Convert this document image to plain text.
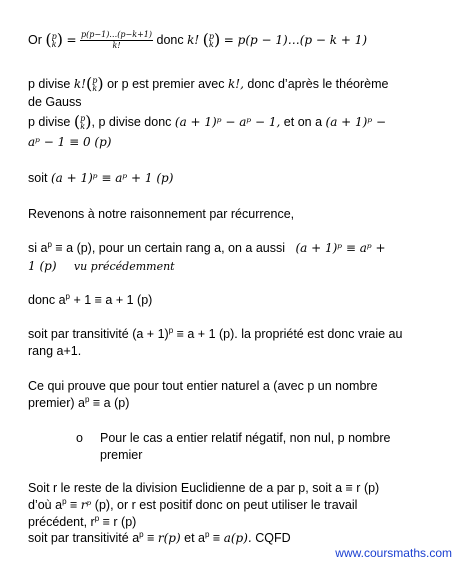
Or ( p
k ) = $\frac{p(p-1)\dots(p-k+1)}{k!}$ donc k! ( p
k ) = p(p − 1)…(p − k + 1)
p divise k!( p
k ) or p est premier avec k!, donc d’après le théorème
de Gauss
p divise ( p
k ), p divise donc (a + 1)ᵖ − aᵖ − 1, et on a (a + 1)ᵖ −
aᵖ − 1 ≡ 0 (p)
soit (a + 1)ᵖ ≡ aᵖ + 1 (p)
Revenons à notre raisonnement par récurrence,
si $a^p \equiv a$ (p), pour un certain rang a, on a aussi (a + 1)ᵖ ≡ aᵖ +
1 (p) vu précédemment
donc $a^p + 1 \equiv a + 1$ (p)
soit par transitivité $(a + 1)^p \equiv a + 1$ (p). la propriété est donc vraie au
rang a+1.
Ce qui prouve que pour tout entier naturel a (avec p un nombre
premier) $a^p \equiv a$ (p)
o Pour le cas a entier relatif négatif, non nul, p nombre
premier
Soit r le reste de la division Euclidienne de a par p, soit a ≡ r (p)
d’où $a^p$ ≡ rᵖ (p), or r est positif donc on peut utiliser le travail
précédent, $r^p \equiv r$ (p)
soit par transitivité $a^p \equiv r(p)$ et $a^p \equiv a(p)$. CQFD
www.coursmaths.com
